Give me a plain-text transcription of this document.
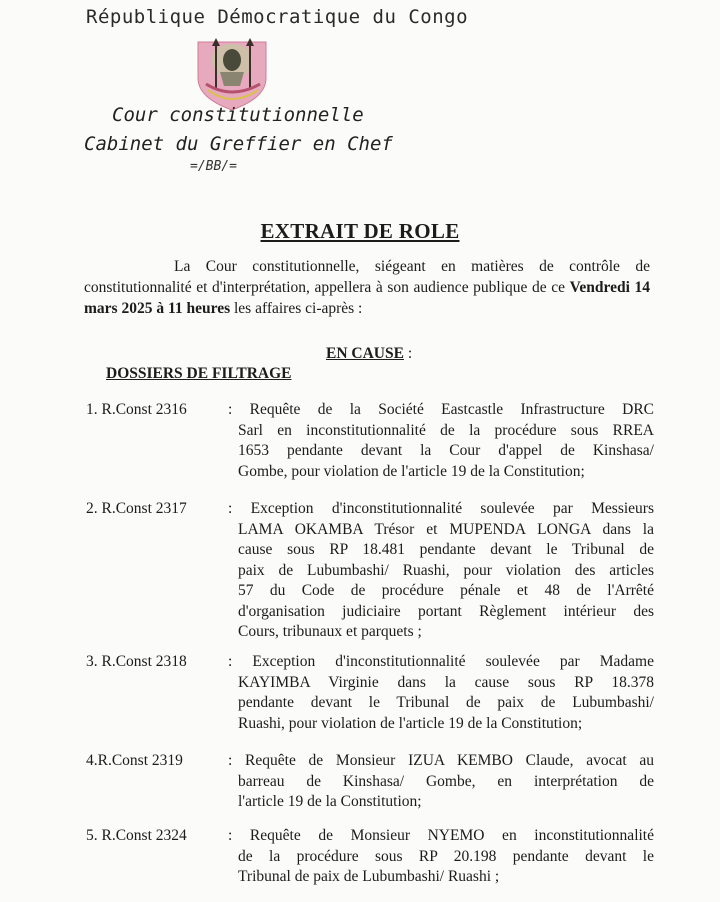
République Démocratique du Congo
Cour constitutionnelle
Cabinet du Greffier en Chef
=/BB/=
EXTRAIT DE ROLE
La Cour constitutionnelle, siégeant en matières de contrôle de constitutionnalité et d'interprétation, appellera à son audience publique de ce Vendredi 14 mars 2025 à 11 heures les affaires ci-après :
EN CAUSE :
DOSSIERS DE FILTRAGE
1. R.Const 2316	: Requête de la Société Eastcastle Infrastructure DRC
Sarl en inconstitutionnalité de la procédure sous RREA
1653 pendante devant la Cour d'appel de Kinshasa/
Gombe, pour violation de l'article 19 de la Constitution;
2. R.Const 2317	: Exception d'inconstitutionnalité soulevée par Messieurs
LAMA OKAMBA Trésor et MUPENDA LONGA dans la
cause sous RP 18.481 pendante devant le Tribunal de
paix de Lubumbashi/ Ruashi, pour violation des articles
57 du Code de procédure pénale et 48 de l'Arrêté
d'organisation judiciaire portant Règlement intérieur des
Cours, tribunaux et parquets ;
3. R.Const 2318	: Exception d'inconstitutionnalité soulevée par Madame
KAYIMBA Virginie dans la cause sous RP 18.378
pendante devant le Tribunal de paix de Lubumbashi/
Ruashi, pour violation de l'article 19 de la Constitution;
4.R.Const 2319	: Requête de Monsieur IZUA KEMBO Claude, avocat au
barreau de Kinshasa/ Gombe, en interprétation de
l'article 19 de la Constitution;
5. R.Const 2324	: Requête de Monsieur NYEMO en inconstitutionnalité
de la procédure sous RP 20.198 pendante devant le
Tribunal de paix de Lubumbashi/ Ruashi ;
